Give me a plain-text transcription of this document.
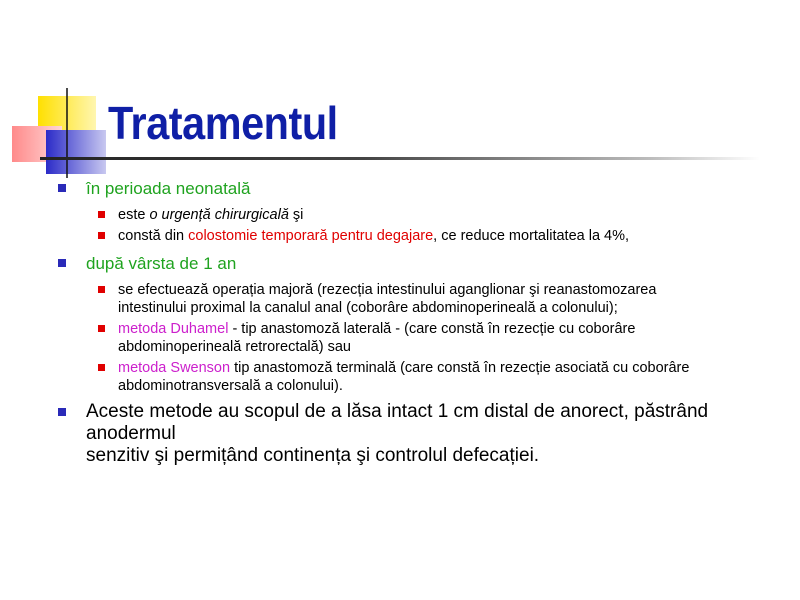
Tratamentul
în perioada neonatală
este o urgență chirurgicală şi
constă din colostomie temporară pentru degajare, ce reduce mortalitatea la 4%,
după vârsta de 1 an
se efectuează operația majoră (rezecția intestinului aganglionar şi reanastomozarea
intestinului proximal la canalul anal (coborâre abdominoperineală a colonului);
metoda Duhamel - tip anastomoză laterală - (care constă în rezecție cu coborâre
abdominoperineală retrorectală) sau
metoda Swenson tip anastomoză terminală (care constă în rezecție asociată cu coborâre
abdominotransversală a colonului).
Aceste metode au scopul de a lăsa intact 1 cm distal de anorect, păstrând anodermul
senzitiv şi permițând continența şi controlul defecației.
